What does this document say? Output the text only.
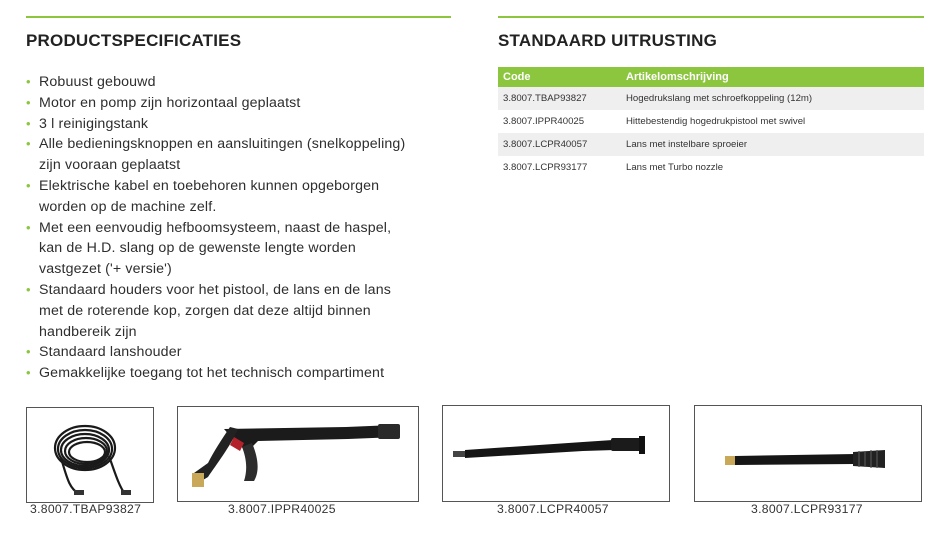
PRODUCTSPECIFICATIES
• Robuust gebouwd
• Motor en pomp zijn horizontaal geplaatst
• 3 l reinigingstank
• Alle bedieningsknoppen en aansluitingen (snelkoppeling)
zijn vooraan geplaatst
• Elektrische kabel en toebehoren kunnen opgeborgen
worden op de machine zelf.
• Met een eenvoudig hefboomsysteem, naast de haspel,
kan de H.D. slang op de gewenste lengte worden
vastgezet ('+ versie')
• Standaard houders voor het pistool, de lans en de lans
met de roterende kop, zorgen dat deze altijd binnen
handbereik zijn
• Standaard lanshouder
• Gemakkelijke toegang tot het technisch compartiment
STANDAARD UITRUSTING
Code	Artikelomschrijving
3.8007.TBAP93827	Hogedrukslang met schroefkoppeling (12m)
3.8007.IPPR40025	Hittebestendig hogedrukpistool met swivel
3.8007.LCPR40057	Lans met instelbare sproeier
3.8007.LCPR93177	Lans met Turbo nozzle
3.8007.TBAP93827	3.8007.IPPR40025	3.8007.LCPR40057	3.8007.LCPR93177
